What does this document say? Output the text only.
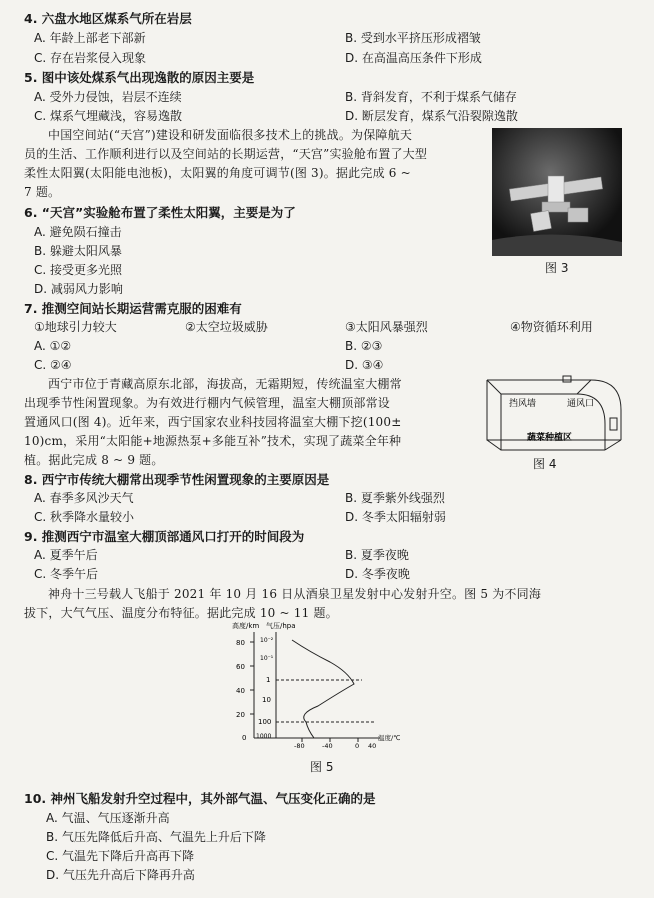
4. 六盘水地区煤系气所在岩层
A. 年龄上部老下部新	B. 受到水平挤压形成褶皱
C. 存在岩浆侵入现象	D. 在高温高压条件下形成
5. 图中该处煤系气出现逸散的原因主要是
A. 受外力侵蚀，岩层不连续	B. 背斜发育，不利于煤系气储存
C. 煤系气埋藏浅，容易逸散	D. 断层发育，煤系气沿裂隙逸散
中国空间站(“天宫”)建设和研发面临很多技术上的挑战。为保障航天
员的生活、工作顺利进行以及空间站的长期运营，“天宫”实验舱布置了大型
柔性太阳翼(太阳能电池板)，太阳翼的角度可调节(图 3)。据此完成 6 ~
7 题。
图 3
6. “天宫”实验舱布置了柔性太阳翼，主要是为了
A. 避免陨石撞击
B. 躲避太阳风暴
C. 接受更多光照
D. 减弱风力影响
7. 推测空间站长期运营需克服的困难有
①地球引力较大	②太空垃圾威胁	③太阳风暴强烈	④物资循环利用
A. ①②	B. ②③
C. ②④	D. ③④
西宁市位于青藏高原东北部，海拔高，无霜期短，传统温室大棚常
出现季节性闲置现象。为有效进行棚内气候管理，温室大棚顶部常设
置通风口(图 4)。近年来，西宁国家农业科技园将温室大棚下挖(100±
10)cm，采用“太阳能+地源热泵+多能互补”技术，实现了蔬菜全年种
植。据此完成 8 ~ 9 题。
挡风墙	通风口
蔬菜种植区
图 4
8. 西宁市传统大棚常出现季节性闲置现象的主要原因是
A. 春季多风沙天气	B. 夏季紫外线强烈
C. 秋季降水量较小	D. 冬季太阳辐射弱
9. 推测西宁市温室大棚顶部通风口打开的时间段为
A. 夏季午后	B. 夏季夜晚
C. 冬季午后	D. 冬季夜晚
神舟十三号载人飞船于 2021 年 10 月 16 日从酒泉卫星发射中心发射升空。图 5 为不同海
拔下，大气气压、温度分布特征。据此完成 10 ~ 11 题。
高度/km 气压/hpa
80
60
40
20
0
10⁻²
10⁻¹
1
10
100
1000
-80	-40	0 40
温度/℃
图 5
10. 神州飞船发射升空过程中，其外部气温、气压变化正确的是
A. 气温、气压逐渐升高
B. 气压先降低后升高、气温先上升后下降
C. 气温先下降后升高再下降
D. 气压先升高后下降再升高
